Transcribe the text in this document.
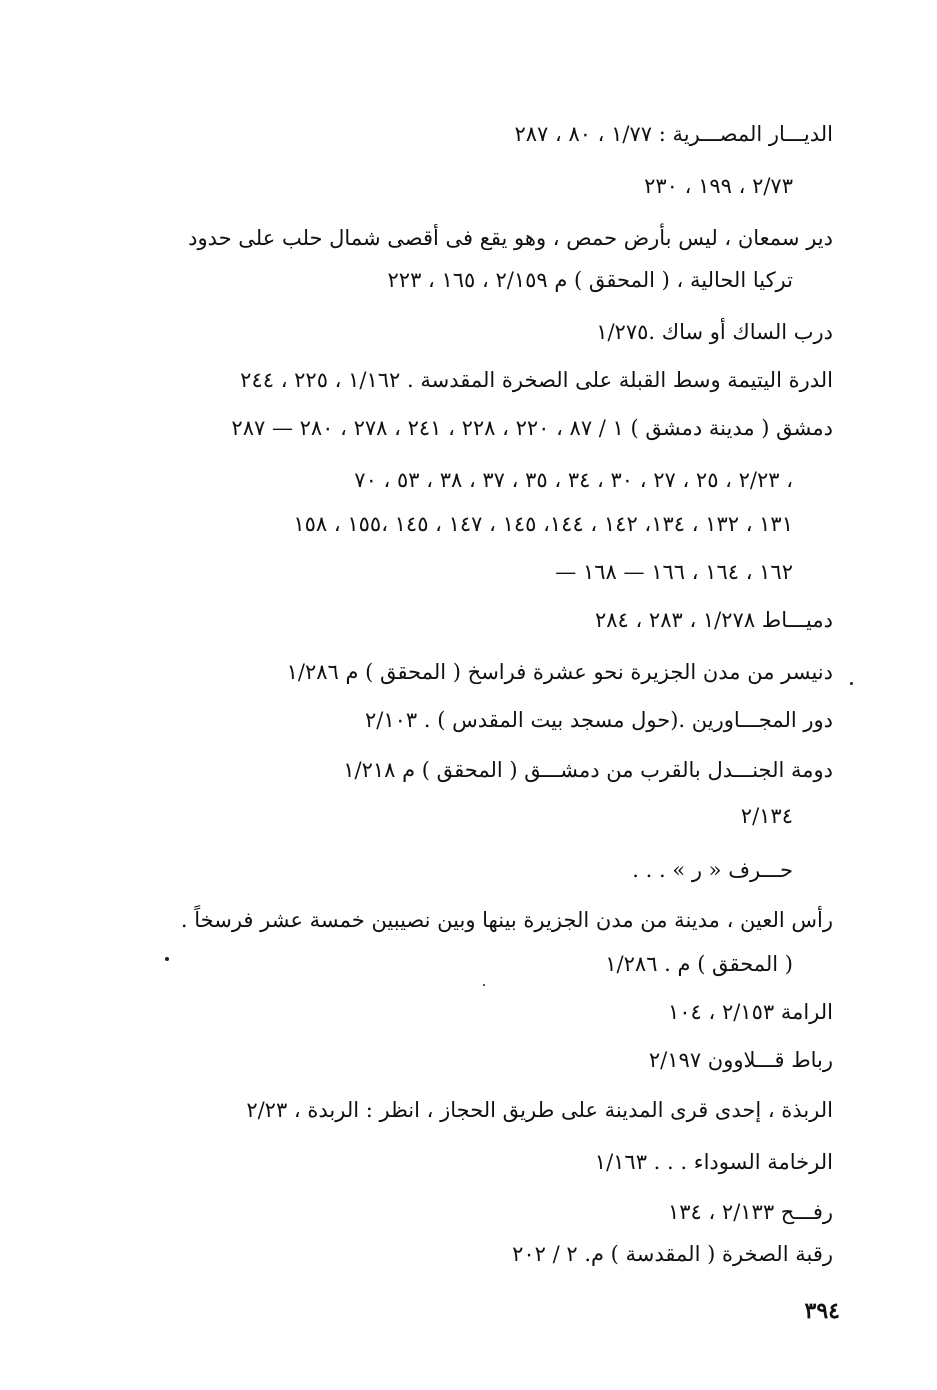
الديـــار المصـــرية : ١/٧٧ ، ٨٠ ، ٢٨٧
٢/٧٣ ، ١٩٩ ، ٢٣٠
دير سمعان ، ليس بأرض حمص ، وهو يقع فى أقصى شمال حلب على حدود
تركيا الحالية ، ( المحقق ) م ٢/١٥٩ ، ١٦٥ ، ٢٢٣
درب الساك أو ساك .١/٢٧٥
الدرة اليتيمة وسط القبلة على الصخرة المقدسة . ١/١٦٢ ، ٢٢٥ ، ٢٤٤
دمشق ( مدينة دمشق ) ١ / ٨٧ ، ٢٢٠ ، ٢٢٨ ، ٢٤١ ، ٢٧٨ ، ٢٨٠ — ٢٨٧
٢/٢٣ ، ٢٥ ، ٢٧ ، ٣٠ ، ٣٤ ، ٣٥ ، ٣٧ ، ٣٨ ، ٥٣ ، ٧٠ ،
١٣١ ، ١٣٢ ، ١٣٤، ١٤٢ ، ١٤٤، ١٤٥ ، ١٤٧ ، ١٤٥ ،١٥٥ ، ١٥٨
— ١٦٢ ، ١٦٤ ، ١٦٦ — ١٦٨
دميـــاط ١/٢٧٨ ، ٢٨٣ ، ٢٨٤
دنيسر من مدن الجزيرة نحو عشرة فراسخ ( المحقق ) م ١/٢٨٦
دور المجـــاورين .(حول مسجد بيت المقدس ) . ٢/١٠٣
دومة الجنـــدل بالقرب من دمشـــق ( المحقق ) م ١/٢١٨
٢/١٣٤
حـــرف « ر » . . .
رأس العين ، مدينة من مدن الجزيرة بينها وبين نصيبين خمسة عشر فرسخاً .
( المحقق ) م . ١/٢٨٦
الرامة ٢/١٥٣ ، ١٠٤
رباط قـــلاوون ٢/١٩٧
الربذة ، إحدى قرى المدينة على طريق الحجاز ، انظر : الربدة ، ٢/٢٣
الرخامة السوداء . . . ١/١٦٣
رفـــح ٢/١٣٣ ، ١٣٤
رقبة الصخرة ( المقدسة ) م. ٢ / ٢٠٢
٣٩٤
